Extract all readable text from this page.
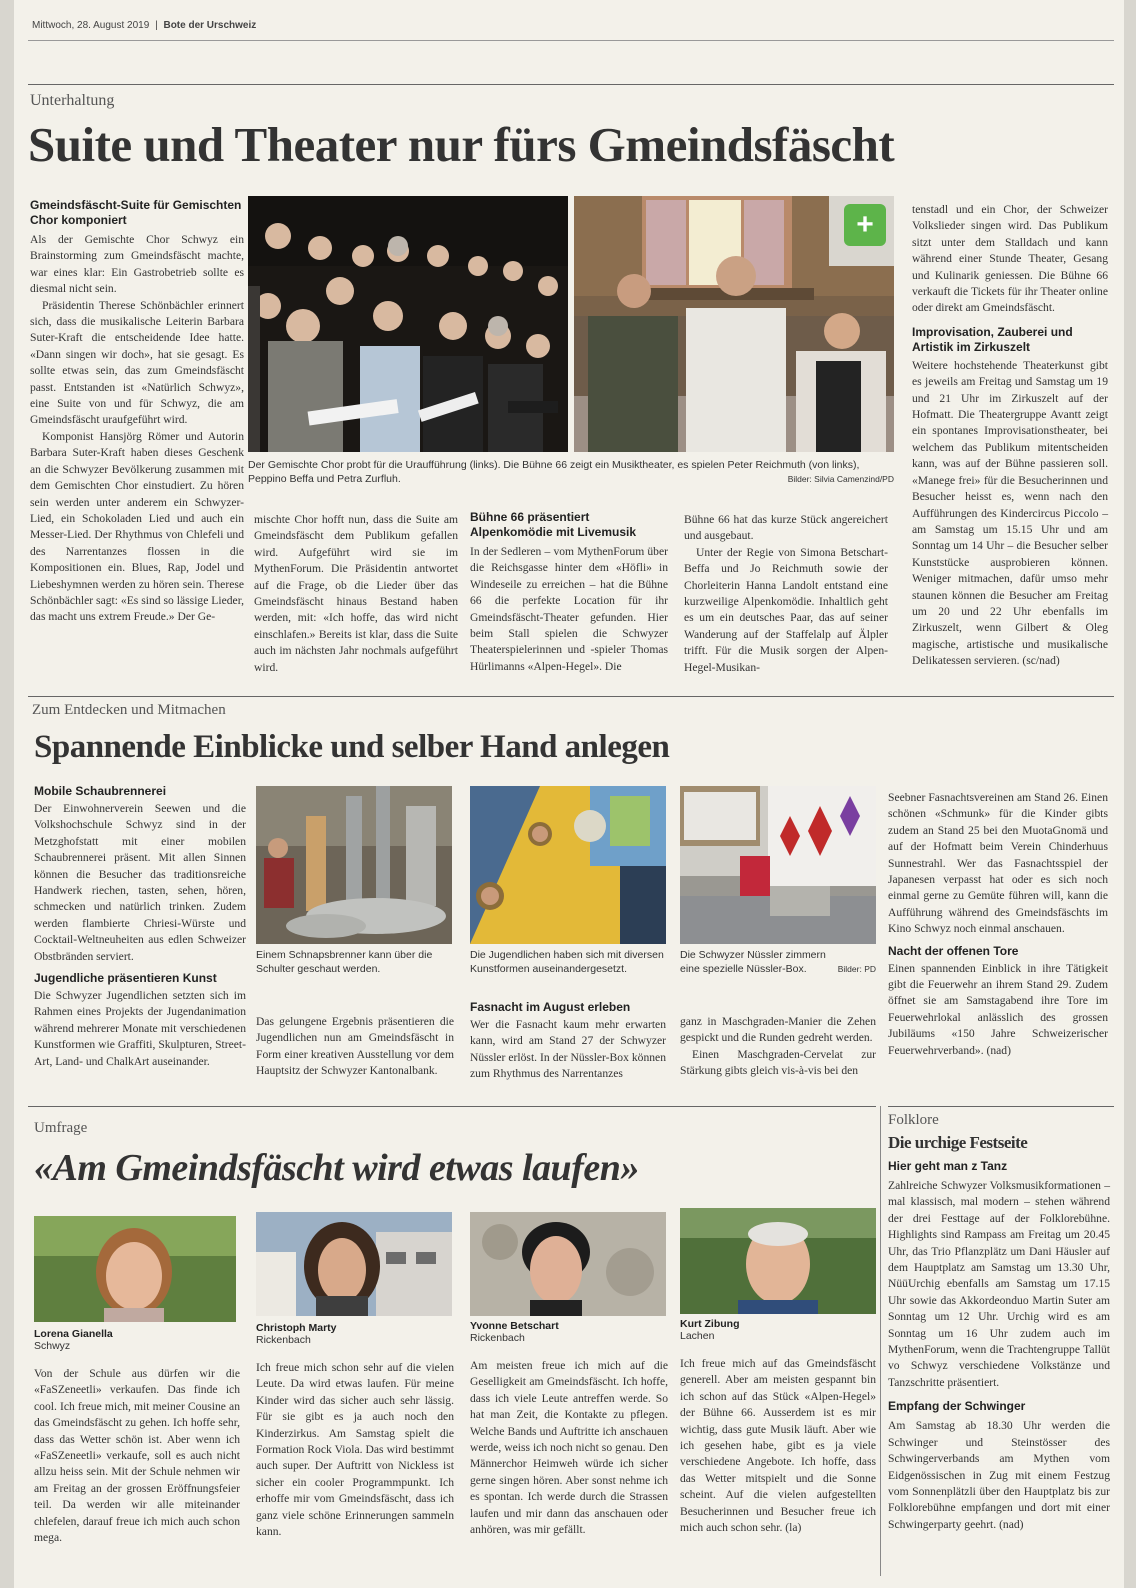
Mittwoch, 28. August 2019 | Bote der Urschweiz
Unterhaltung
Suite und Theater nur fürs Gmeindsfäscht
Gmeindsfäscht-Suite für Gemischten Chor komponiert

Als der Gemischte Chor Schwyz ein Brainstorming zum Gmeindsfäscht machte, war eines klar: Ein Gastrobetrieb sollte es diesmal nicht sein.

Präsidentin Therese Schönbächler erinnert sich, dass die musikalische Leiterin Barbara Suter-Kraft die entscheidende Idee hatte. «Dann singen wir doch», hat sie gesagt. Es sollte etwas sein, das zum Gmeindsfäscht passt. Entstanden ist «Natürlich Schwyz», eine Suite von und für Schwyz, die am Gmeindsfäscht uraufgeführt wird.

Komponist Hansjörg Römer und Autorin Barbara Suter-Kraft haben dieses Geschenk an die Schwyzer Bevölkerung zusammen mit dem Gemischten Chor einstudiert. Zu hören sein werden unter anderem ein Schwyzer-Lied, ein Schokoladen Lied und auch ein Messer-Lied. Der Rhythmus von Chlefeli und des Narrentanzes flossen in die Kompositionen ein. Blues, Rap, Jodel und Liebeshymnen werden zu hören sein. Therese Schönbächler sagt: «Es sind so lässige Lieder, das macht uns extrem Freude.» Der Ge-

+
Der Gemischte Chor probt für die Uraufführung (links). Die Bühne 66 zeigt ein Musiktheater, es spielen Peter Reichmuth (von links), Peppino Beffa und Petra Zurfluh.	Bilder: Silvia Camenzind/PD
mischte Chor hofft nun, dass die Suite am Gmeindsfäscht dem Publikum gefallen wird. Aufgeführt wird sie im MythenForum. Die Präsidentin antwortet auf die Frage, ob die Lieder über das Gmeindsfäscht hinaus Bestand haben werden, mit: «Ich hoffe, das wird nicht einschlafen.» Bereits ist klar, dass die Suite auch im nächsten Jahr nochmals aufgeführt wird.
Bühne 66 präsentiert Alpenkomödie mit Livemusik
In der Sedleren – vom MythenForum über die Reichsgasse hinter dem «Höfli» in Windeseile zu erreichen – hat die Bühne 66 die perfekte Location für ihr Gmeindsfäscht-Theater gefunden. Hier beim Stall spielen die Schwyzer Theaterspielerinnen und -spieler Thomas Hürlimanns «Alpen-Hegel». Die

Bühne 66 hat das kurze Stück angereichert und ausgebaut.

Unter der Regie von Simona Betschart-Beffa und Jo Reichmuth sowie der Chorleiterin Hanna Landolt entstand eine kurzweilige Alpenkomödie. Inhaltlich geht es um ein deutsches Paar, das auf seiner Wanderung auf der Staffelalp auf Älpler trifft. Für die Musik sorgen der Alpen-Hegel-Musikan-

tenstadl und ein Chor, der Schweizer Volkslieder singen wird. Das Publikum sitzt unter dem Stalldach und kann während einer Stunde Theater, Gesang und Kulinarik geniessen. Die Bühne 66 verkauft die Tickets für ihr Theater online oder direkt am Gmeindsfäscht.
Improvisation, Zauberei und Artistik im Zirkuszelt
Weitere hochstehende Theaterkunst gibt es jeweils am Freitag und Samstag um 19 und 21 Uhr im Zirkuszelt auf der Hofmatt. Die Theatergruppe Avantt zeigt ein spontanes Improvisationstheater, bei welchem das Publikum mitentscheiden kann, was auf der Bühne passieren soll. «Manege frei» für die Besucherinnen und Besucher heisst es, wenn nach den Aufführungen des Kindercircus Piccolo – am Samstag um 15.15 Uhr und am Sonntag um 14 Uhr – die Besucher selber Kunststücke ausprobieren können. Weniger mitmachen, dafür umso mehr staunen können die Besucher am Freitag um 20 und 22 Uhr ebenfalls im Zirkuszelt, wenn Gilbert & Oleg magische, artistische und musikalische Delikatessen servieren. (sc/nad)
Zum Entdecken und Mitmachen
Spannende Einblicke und selber Hand anlegen
Mobile Schaubrennerei
Der Einwohnerverein Seewen und die Volkshochschule Schwyz sind in der Metzghofstatt mit einer mobilen Schaubrennerei präsent. Mit allen Sinnen können die Besucher das traditionsreiche Handwerk riechen, tasten, sehen, hören, schmecken und natürlich trinken. Zudem werden flambierte Chriesi-Würste und Cocktail-Weltneuheiten aus edlen Schweizer Obstbränden serviert.
Jugendliche präsentieren Kunst
Die Schwyzer Jugendlichen setzten sich im Rahmen eines Projekts der Jugendanimation während mehrerer Monate mit verschiedenen Kunstformen wie Graffiti, Skulpturen, Street-Art, Land- und ChalkArt auseinander.
Einem Schnapsbrenner kann über die Schulter geschaut werden.
Die Jugendlichen haben sich mit diversen Kunstformen auseinandergesetzt.
Die Schwyzer Nüssler zimmern eine spezielle Nüssler-Box.	Bilder: PD
Das gelungene Ergebnis präsentieren die Jugendlichen nun am Gmeindsfäscht in Form einer kreativen Ausstellung vor dem Hauptsitz der Schwyzer Kantonalbank.
Fasnacht im August erleben
Wer die Fasnacht kaum mehr erwarten kann, wird am Stand 27 der Schwyzer Nüssler erlöst. In der Nüssler-Box können zum Rhythmus des Narrentanzes

ganz in Maschgraden-Manier die Zehen gespickt und die Runden gedreht werden.

Einen Maschgraden-Cervelat zur Stärkung gibts gleich vis-à-vis bei den

Seebner Fasnachtsvereinen am Stand 26. Einen schönen «Schmunk» für die Kinder gibts zudem an Stand 25 bei den MuotaGnomä und auf der Hofmatt beim Verein Chinderhuus Sunnestrahl. Wer das Fasnachtsspiel der Japanesen verpasst hat oder es sich noch einmal gerne zu Gemüte führen will, kann die Aufführung während des Gmeindsfäschts im Kino Schwyz noch einmal anschauen.
Nacht der offenen Tore
Einen spannenden Einblick in ihre Tätigkeit gibt die Feuerwehr an ihrem Stand 29. Zudem öffnet sie am Samstagabend ihre Tore im Feuerwehrlokal anlässlich des grossen Jubiläums «150 Jahre Schweizerischer Feuerwehrverband». (nad)
Umfrage
«Am Gmeindsfäscht wird etwas laufen»
Lorena Gianella
Schwyz
Von der Schule aus dürfen wir die «FaSZeneetli» verkaufen. Das finde ich cool. Ich freue mich, mit meiner Cousine an das Gmeindsfäscht zu gehen. Ich hoffe sehr, dass das Wetter schön ist. Aber wenn ich «FaSZeneetli» verkaufe, soll es auch nicht allzu heiss sein. Mit der Schule nehmen wir am Freitag an der grossen Eröffnungsfeier teil. Da werden wir alle miteinander chlefelen, darauf freue ich mich auch schon mega.
Christoph Marty
Rickenbach
Ich freue mich schon sehr auf die vielen Leute. Da wird etwas laufen. Für meine Kinder wird das sicher auch sehr lässig. Für sie gibt es ja auch noch den Kinderzirkus. Am Samstag spielt die Formation Rock Viola. Das wird bestimmt auch super. Der Auftritt von Nickless ist sicher ein cooler Programmpunkt. Ich erhoffe mir vom Gmeindsfäscht, dass ich ganz viele schöne Erinnerungen sammeln kann.
Yvonne Betschart
Rickenbach
Am meisten freue ich mich auf die Geselligkeit am Gmeindsfäscht. Ich hoffe, dass ich viele Leute antreffen werde. So hat man Zeit, die Kontakte zu pflegen. Welche Bands und Auftritte ich anschauen werde, weiss ich noch nicht so genau. Den Männerchor Heimweh würde ich sicher gerne singen hören. Aber sonst nehme ich es spontan. Ich werde durch die Strassen laufen und mir dann das anschauen oder anhören, was mir gefällt.
Kurt Zibung
Lachen
Ich freue mich auf das Gmeindsfäscht generell. Aber am meisten gespannt bin ich schon auf das Stück «Alpen-Hegel» der Bühne 66. Ausserdem ist es mir wichtig, dass gute Musik läuft. Aber wie ich gesehen habe, gibt es ja viele verschiedene Angebote. Ich hoffe, dass das Wetter mitspielt und die Sonne scheint. Auf die vielen aufgestellten Besucherinnen und Besucher freue ich mich auch schon sehr. (la)
Folklore
Die urchige Festseite
Hier geht man z Tanz
Zahlreiche Schwyzer Volksmusikformationen – mal klassisch, mal modern – stehen während der drei Festtage auf der Folklorebühne. Highlights sind Rampass am Freitag um 20.45 Uhr, das Trio Pflanzplätz um Dani Häusler auf dem Hauptplatz am Samstag um 13.30 Uhr, NüüUrchig ebenfalls am Samstag um 17.15 Uhr sowie das Akkordeonduo Martin Suter am Sonntag um 12 Uhr. Urchig wird es am Sonntag um 16 Uhr zudem auch im MythenForum, wenn die Trachtengruppe Tallüt vo Schwyz verschiedene Volkstänze und Tanzschritte präsentiert.
Empfang der Schwinger
Am Samstag ab 18.30 Uhr werden die Schwinger und Steinstösser des Schwingerverbands am Mythen vom Eidgenössischen in Zug mit einem Festzug vom Sonnenplätzli über den Hauptplatz bis zur Folklorebühne empfangen und dort mit einer Schwingerparty geehrt. (nad)
